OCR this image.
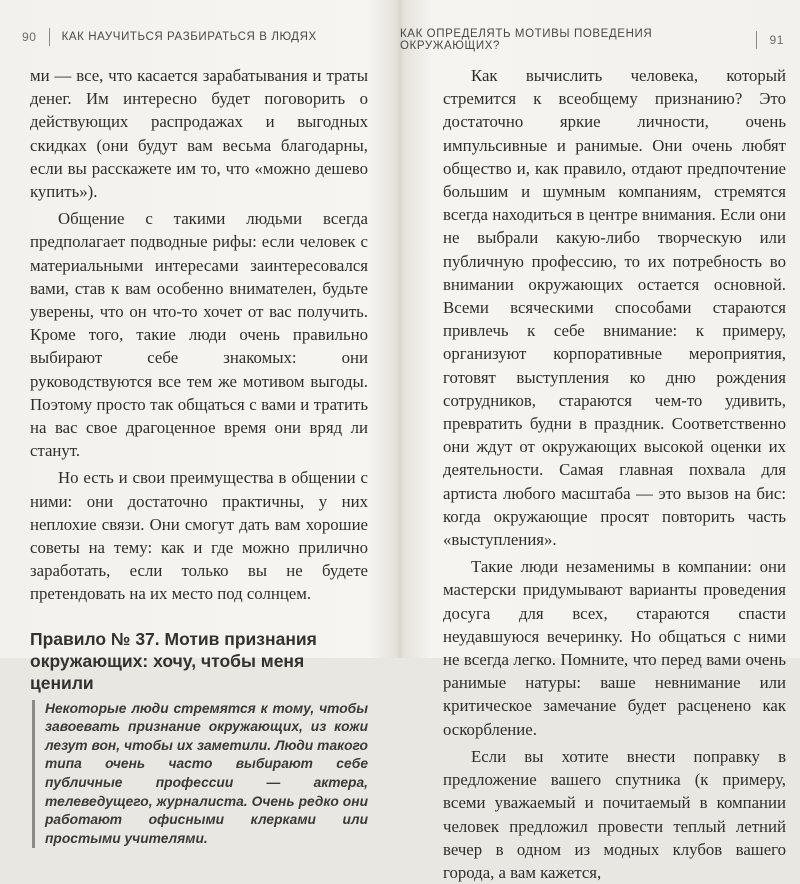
90 КАК НАУЧИТЬСЯ РАЗБИРАТЬСЯ В ЛЮДЯХ

ми — все, что касается зарабатывания и траты денег. Им интересно будет поговорить о действующих распродажах и выгодных скидках (они будут вам весьма благодарны, если вы расскажете им то, что «можно дешево купить»).

Общение с такими людьми всегда предполагает подводные рифы: если человек с материальными интересами заинтересовался вами, став к вам особенно внимателен, будьте уверены, что он что-то хочет от вас получить. Кроме того, такие люди очень правильно выбирают себе знакомых: они руководствуются все тем же мотивом выгоды. Поэтому просто так общаться с вами и тратить на вас свое драгоценное время они вряд ли станут.

Но есть и свои преимущества в общении с ними: они достаточно практичны, у них неплохие связи. Они смогут дать вам хорошие советы на тему: как и где можно прилично заработать, если только вы не будете претендовать на их место под солнцем.

Правило № 37. Мотив признания окружающих: хочу, чтобы меня ценили
Некоторые люди стремятся к тому, чтобы завоевать признание окружающих, из кожи лезут вон, чтобы их заметили. Люди такого типа очень часто выбирают себе публичные профессии — актера, телеведущего, журналиста. Очень редко они работают офисными клерками или простыми учителями.
КАК ОПРЕДЕЛЯТЬ МОТИВЫ ПОВЕДЕНИЯ ОКРУЖАЮЩИХ?	91

Как вычислить человека, который стремится к всеобщему признанию? Это достаточно яркие личности, очень импульсивные и ранимые. Они очень любят общество и, как правило, отдают предпочтение большим и шумным компаниям, стремятся всегда находиться в центре внимания. Если они не выбрали какую-либо творческую или публичную профессию, то их потребность во внимании окружающих остается основной. Всеми всяческими способами стараются привлечь к себе внимание: к примеру, организуют корпоративные мероприятия, готовят выступления ко дню рождения сотрудников, стараются чем-то удивить, превратить будни в праздник. Соответственно они ждут от окружающих высокой оценки их деятельности. Самая главная похвала для артиста любого масштаба — это вызов на бис: когда окружающие просят повторить часть «выступления».

Такие люди незаменимы в компании: они мастерски придумывают варианты проведения досуга для всех, стараются спасти неудавшуюся вечеринку. Но общаться с ними не всегда легко. Помните, что перед вами очень ранимые натуры: ваше невнимание или критическое замечание будет расценено как оскорбление.

Если вы хотите внести поправку в предложение вашего спутника (к примеру, всеми уважаемый и почитаемый в компании человек предложил провести теплый летний вечер в одном из модных клубов вашего города, а вам кажется,
